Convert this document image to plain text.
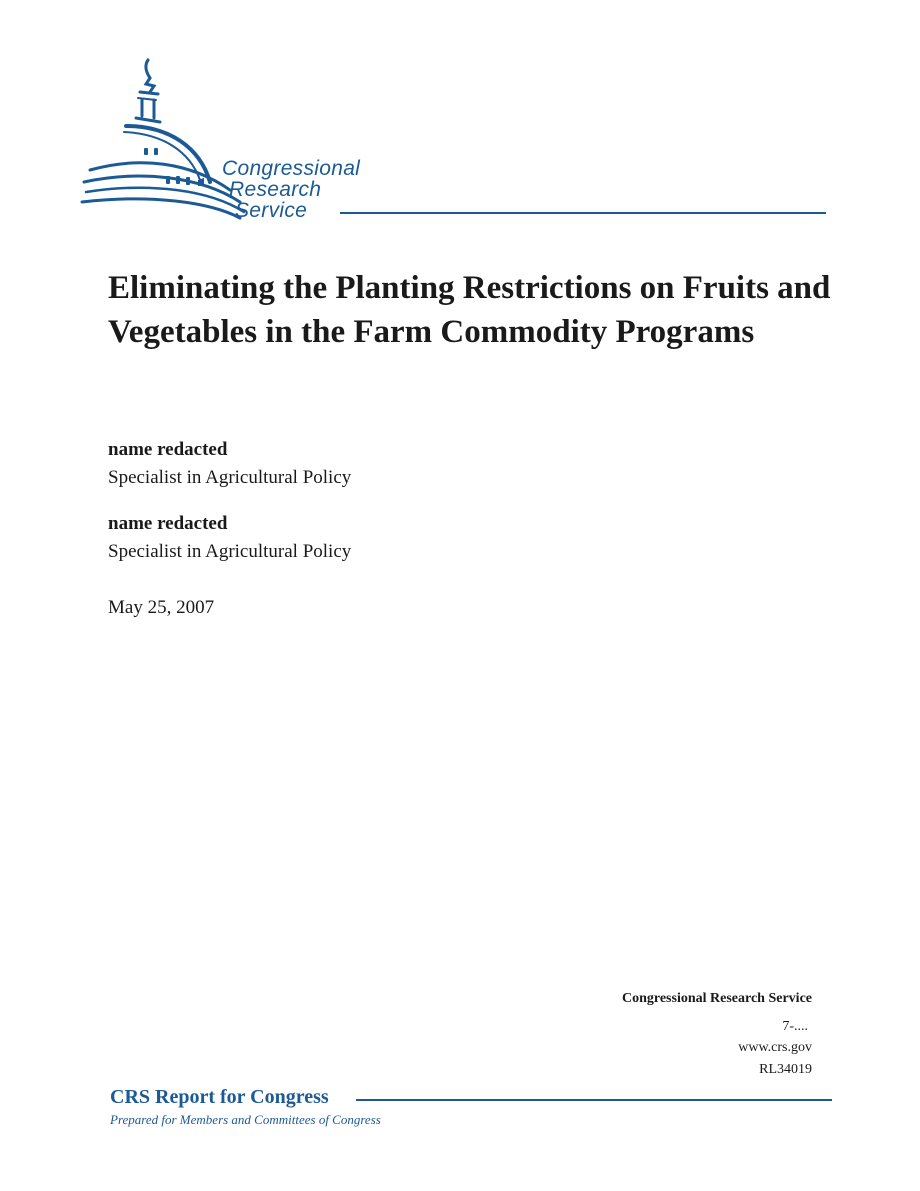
Congressional
Research
Service
Eliminating the Planting Restrictions on Fruits and Vegetables in the Farm Commodity Programs
name redacted
Specialist in Agricultural Policy
name redacted
Specialist in Agricultural Policy
May 25, 2007
Congressional Research Service
7-....
www.crs.gov
RL34019
CRS Report for Congress
Prepared for Members and Committees of Congress
